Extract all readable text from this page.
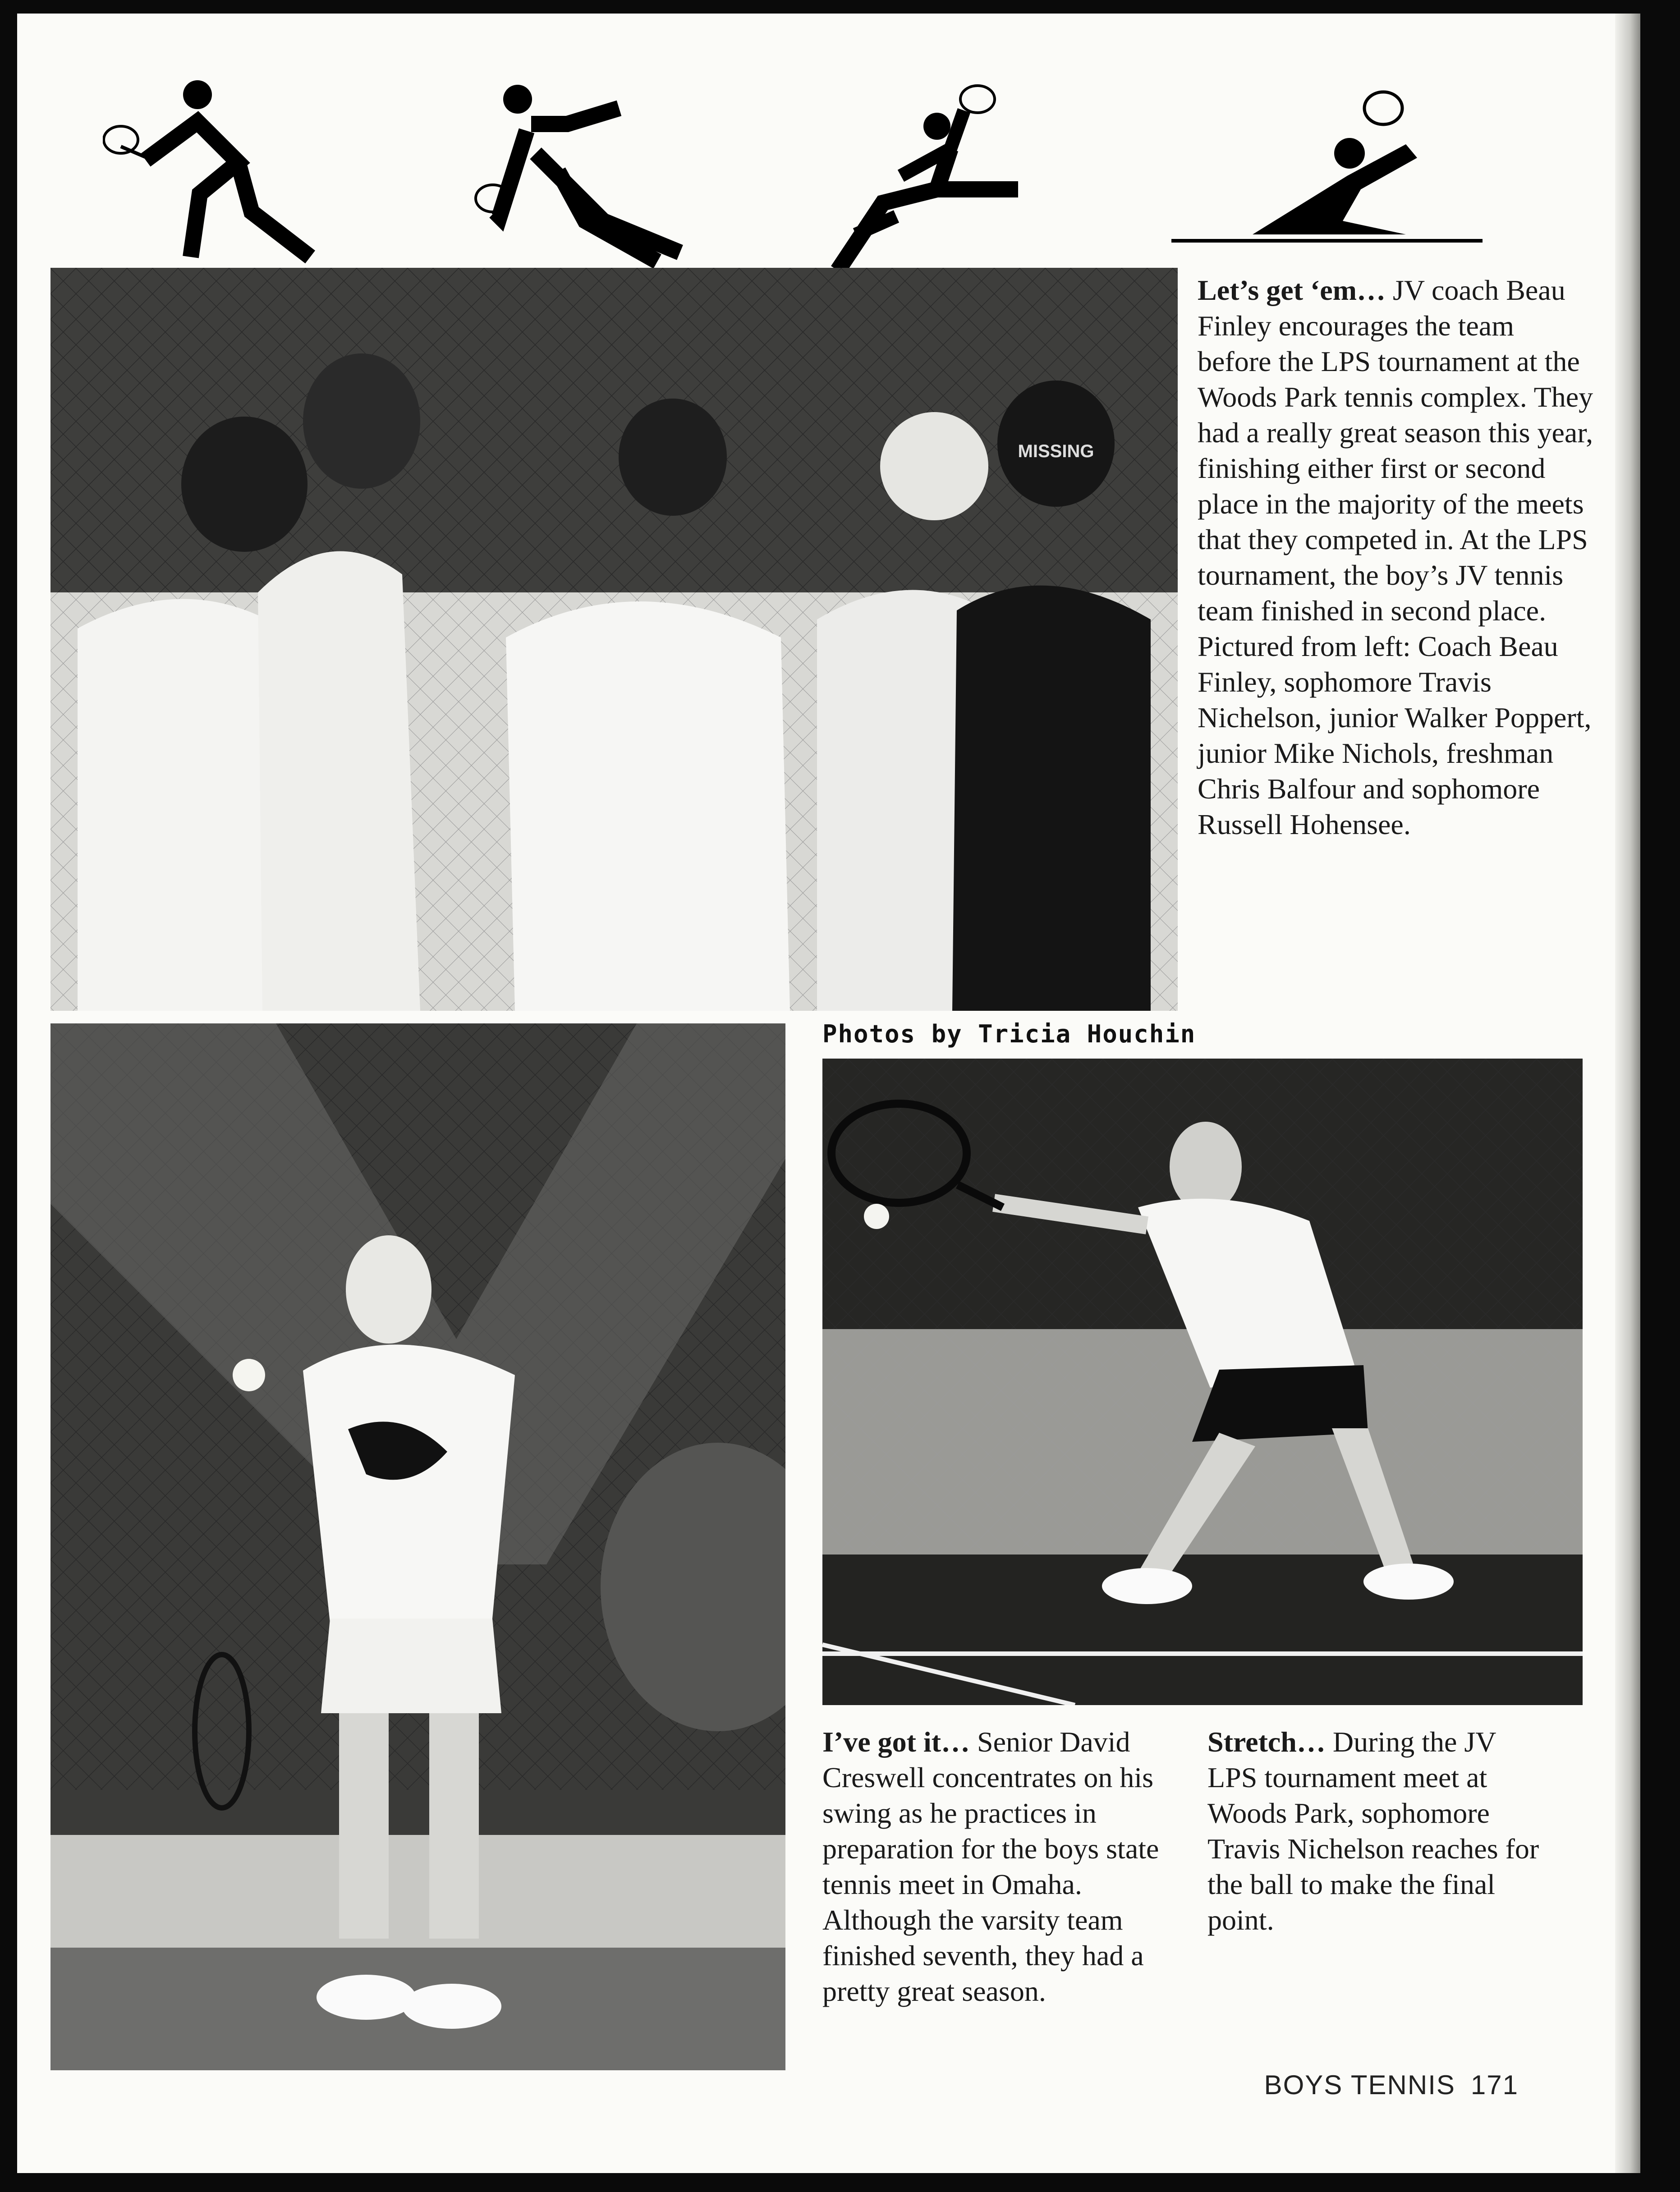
MISSING
Let’s get ‘em… JV coach Beau Finley encourages the team before the LPS tournament at the Woods Park tennis complex. They had a really great season this year, finishing either first or second place in the majority of the meets that they competed in. At the LPS tournament, the boy’s JV tennis team finished in second place. Pictured from left: Coach Beau Finley, sophomore Travis Nichelson, junior Walker Poppert, junior Mike Nichols, freshman Chris Balfour and sophomore Russell Hohensee.
Photos by Tricia Houchin
I’ve got it… Senior David Creswell concentrates on his swing as he practices in preparation for the boys state tennis meet in Omaha. Although the varsity team finished seventh, they had a pretty great season.
Stretch… During the JV LPS tournament meet at Woods Park, sophomore Travis Nichelson reaches for the ball to make the final point.
BOYS TENNIS 171
